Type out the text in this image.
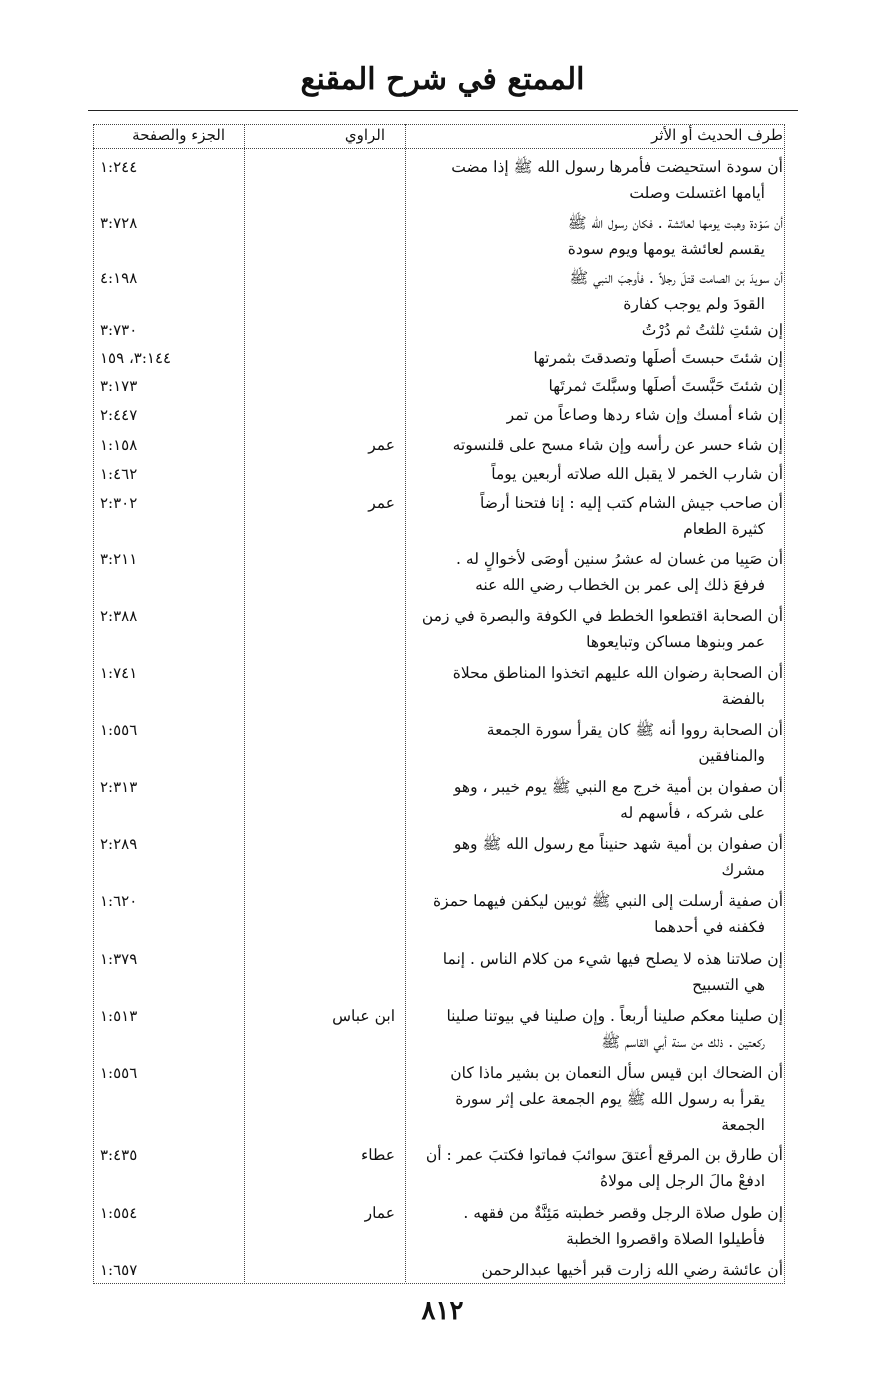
الممتع في شرح المقنع
طرف الحديث أو الأثر
الراوي
الجزء والصفحة
أن سودة استحيضت فأمرها رسول الله ﷺ إذا مضت
أيامها اغتسلت وصلت
١:٢٤٤
أن سَوْدة وهبت يومها لعائشة . فكان رسول الله ﷺ
يقسم لعائشة يومها ويوم سودة
٣:٧٢٨
أن سويدَ بن الصامت قتلَ رجلاً . فأوجبَ النبي ﷺ
القودَ ولم يوجب كفارة
٤:١٩٨
إن شئتِ ثلثتُ ثم دُرْتُ
٣:٧٣٠
إن شئتَ حبستَ أصلَها وتصدقتَ بثمرتها
٣:١٤٤، ١٥٩
إن شئتَ حَبَّستَ أصلَها وسبَّلتَ ثمرتَها
٣:١٧٣
إن شاء أمسك وإن شاء ردها وصاعاً من تمر
٢:٤٤٧
إن شاء حسر عن رأسه وإن شاء مسح على قلنسوته
عمر
١:١٥٨
أن شارب الخمر لا يقبل الله صلاته أربعين يوماً
١:٤٦٢
أن صاحب جيش الشام كتب إليه : إنا فتحنا أرضاً
كثيرة الطعام
عمر
٢:٣٠٢
أن صَبِيا من غسان له عشرُ سنين أوصَى لأخوالٍ له .
فرفعَ ذلك إلى عمر بن الخطاب رضي الله عنه
٣:٢١١
أن الصحابة اقتطعوا الخطط في الكوفة والبصرة في زمن
عمر وبنوها مساكن وتبايعوها
٢:٣٨٨
أن الصحابة رضوان الله عليهم اتخذوا المناطق محلاة
بالفضة
١:٧٤١
أن الصحابة رووا أنه ﷺ كان يقرأ سورة الجمعة
والمنافقين
١:٥٥٦
أن صفوان بن أمية خرج مع النبي ﷺ يوم خيبر ، وهو
على شركه ، فأسهم له
٢:٣١٣
أن صفوان بن أمية شهد حنيناً مع رسول الله ﷺ وهو
مشرك
٢:٢٨٩
أن صفية أرسلت إلى النبي ﷺ ثوبين ليكفن فيهما حمزة
فكفنه في أحدهما
١:٦٢٠
إن صلاتنا هذه لا يصلح فيها شيء من كلام الناس . إنما
هي التسبيح
١:٣٧٩
إن صلينا معكم صلينا أربعاً . وإن صلينا في بيوتنا صلينا
ركعتين . ذلك من سنة أبي القاسم ﷺ
ابن عباس
١:٥١٣
أن الضحاك ابن قيس سأل النعمان بن بشير ماذا كان
يقرأ به رسول الله ﷺ يوم الجمعة على إثر سورة
الجمعة
١:٥٥٦
أن طارق بن المرقع أعتقَ سوائبَ فماتوا فكتبَ عمر : أن
ادفعْ مالَ الرجل إلى مولاهُ
عطاء
٣:٤٣٥
إن طول صلاة الرجل وقصر خطبته مَئِنَّةٌ من فقهه .
فأطيلوا الصلاة واقصروا الخطبة
عمار
١:٥٥٤
أن عائشة رضي الله زارت قبر أخيها عبدالرحمن
١:٦٥٧
٨١٢
